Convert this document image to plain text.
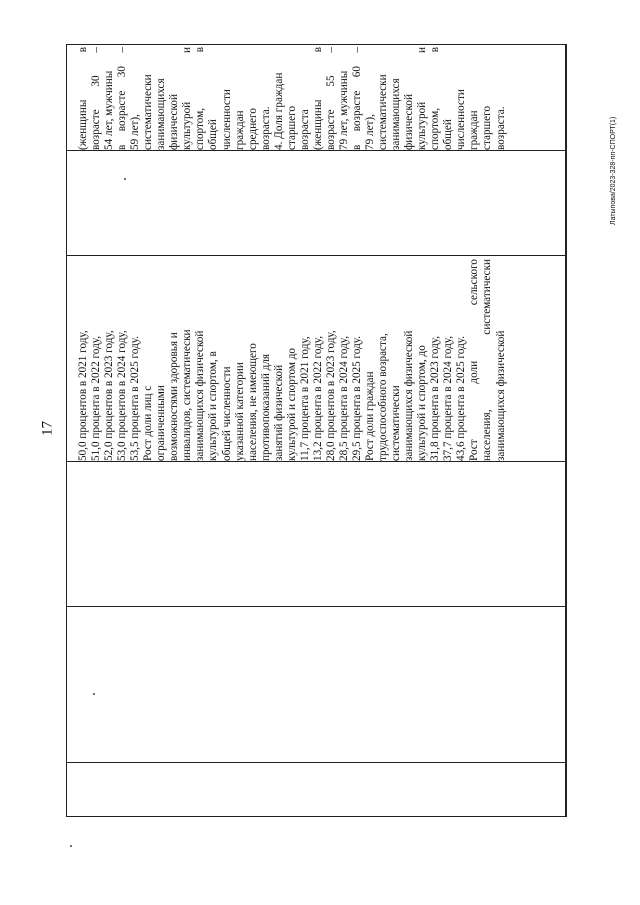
17
Латыпова/2023-328-пп-СПОРТ(1)
50,0 процентов в 2021 году, 51,0 процента в 2022 году, 52,0 процентов в 2023 году, 53,0 процентов в 2024 году, 53,5 процента в 2025 году. Рост доли лиц с ограниченными возможностями здоровья и инвалидов, систематически занимающихся физической культурой и спортом, в общей численности указанной категории населения, не имеющего противопоказаний для занятий физической культурой и спортом до 11,7 процента в 2021 году, 13,2 процента в 2022 году, 28,0 процентов в 2023 году, 28,5 процента в 2024 году, 29,5 процента в 2025 году. Рост доли граждан трудоспособного возраста, систематически занимающихся физической культурой и спортом, до 31,8 процента в 2023 году, 37,7 процента в 2024 году, 43,6 процента в 2025 году. Рост
доли
сельского
населения,
систематически
занимающихся физической
(женщины
в
возрасте
30
–
54 лет, мужчины в
возрасте
30
–
59 лет), систематически занимающихся физической культурой
и
спортом,
в
общей численности граждан среднего возраста. 4. Доля граждан старшего возраста (женщины
в
возрасте
55
–
79 лет, мужчины в
возрасте
60
–
79 лет), систематически занимающихся физической культурой
и
спортом,
в
общей численности граждан старшего возраста.
